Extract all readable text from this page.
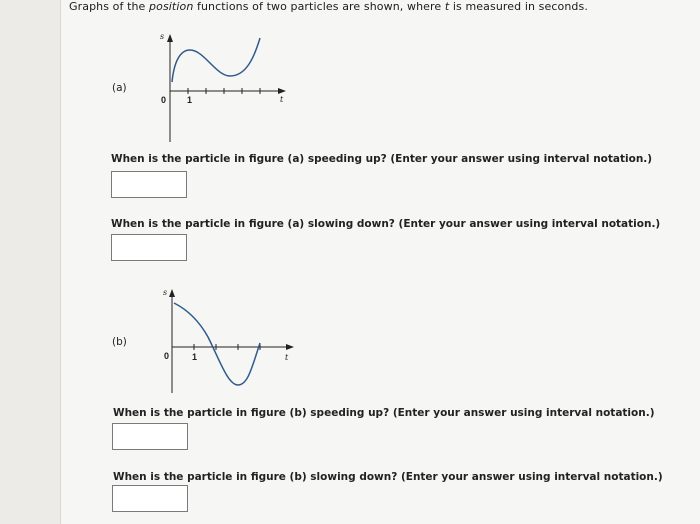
Graphs of the position functions of two particles are shown, where t is measured in seconds.
(a)
s
t
0 1
When is the particle in figure (a) speeding up? (Enter your answer using interval notation.)
When is the particle in figure (a) slowing down? (Enter your answer using interval notation.)
(b)
s
t
0	1
When is the particle in figure (b) speeding up? (Enter your answer using interval notation.)
When is the particle in figure (b) slowing down? (Enter your answer using interval notation.)
